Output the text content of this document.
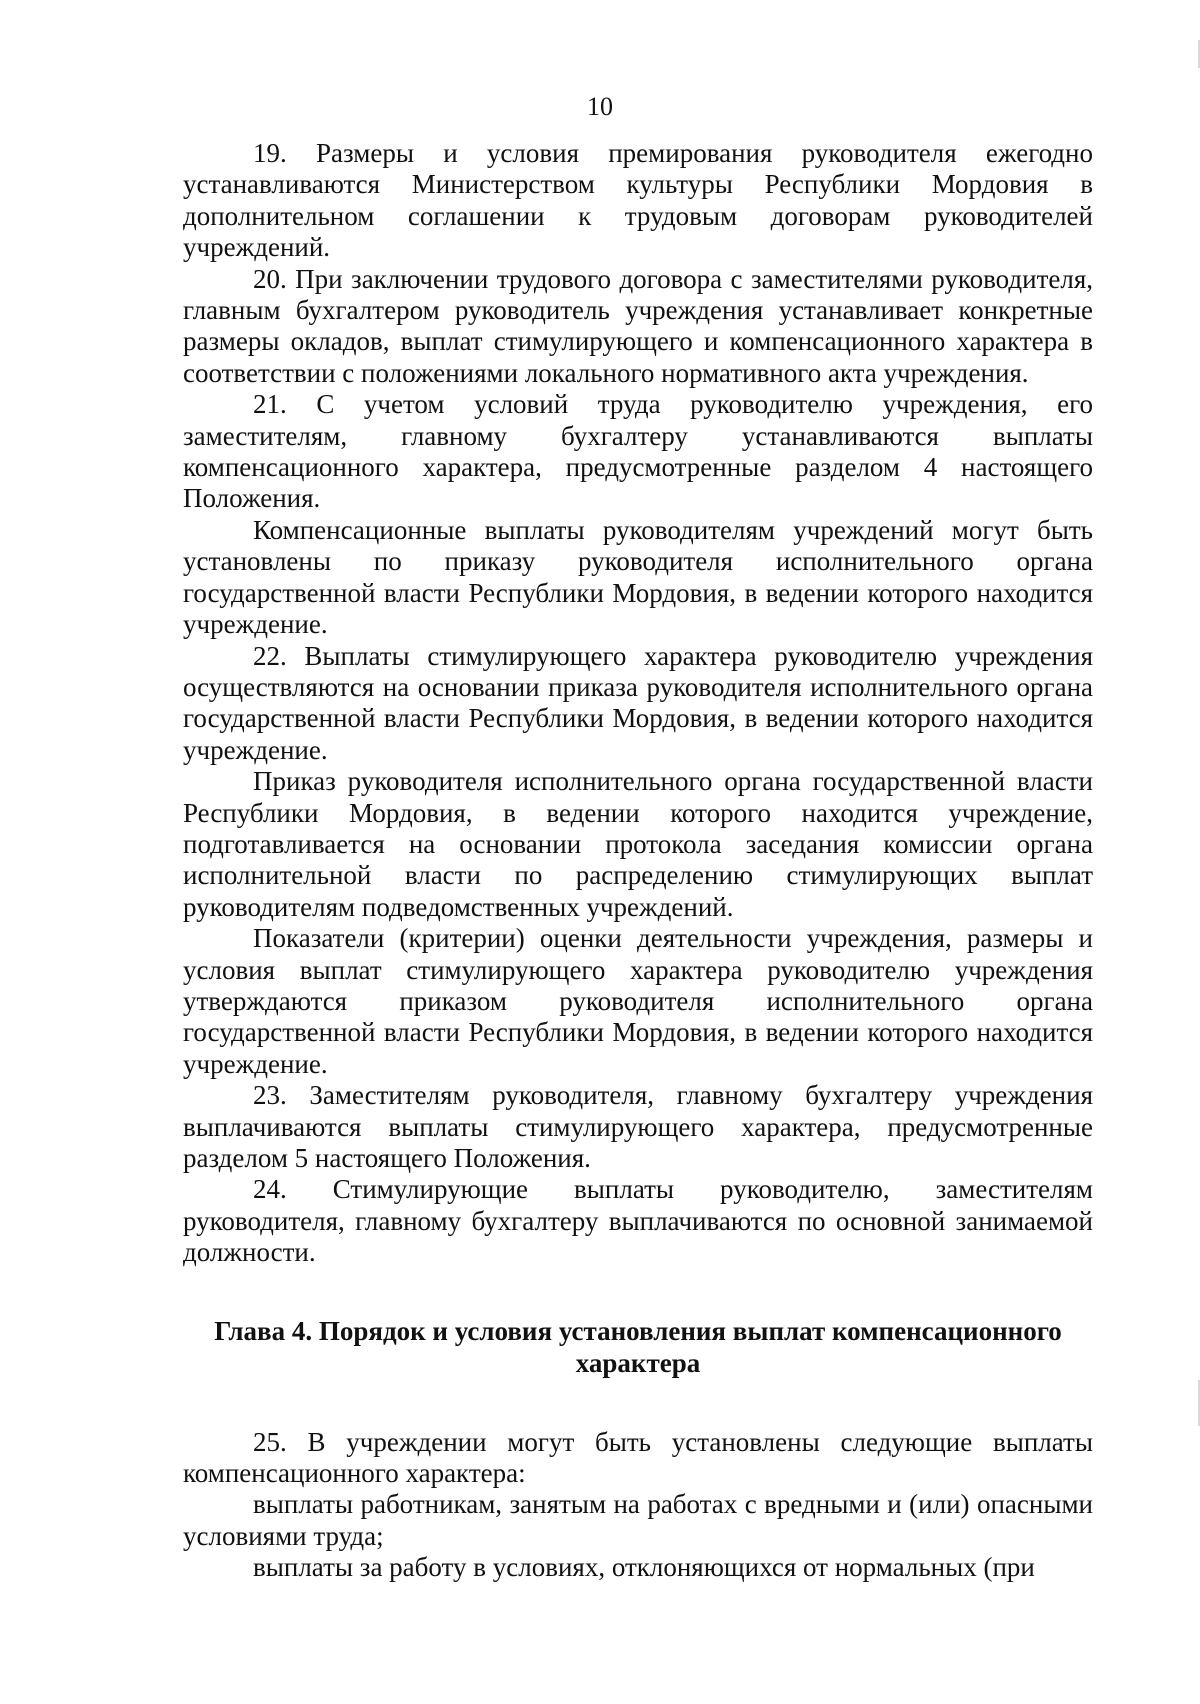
10

19. Размеры и условия премирования руководителя ежегодно устанавливаются Министерством культуры Республики Мордовия в дополнительном соглашении к трудовым договорам руководителей учреждений.

20. При заключении трудового договора с заместителями руководителя, главным бухгалтером руководитель учреждения устанавливает конкретные размеры окладов, выплат стимулирующего и компенсационного характера в соответствии с положениями локального нормативного акта учреждения.

21. С учетом условий труда руководителю учреждения, его заместителям, главному бухгалтеру устанавливаются выплаты компенсационного характера, предусмотренные разделом 4 настоящего Положения.

Компенсационные выплаты руководителям учреждений могут быть установлены по приказу руководителя исполнительного органа государственной власти Республики Мордовия, в ведении которого находится учреждение.

22. Выплаты стимулирующего характера руководителю учреждения осуществляются на основании приказа руководителя исполнительного органа государственной власти Республики Мордовия, в ведении которого находится учреждение.

Приказ руководителя исполнительного органа государственной власти Республики Мордовия, в ведении которого находится учреждение, подготавливается на основании протокола заседания комиссии органа исполнительной власти по распределению стимулирующих выплат руководителям подведомственных учреждений.

Показатели (критерии) оценки деятельности учреждения, размеры и условия выплат стимулирующего характера руководителю учреждения утверждаются приказом руководителя исполнительного органа государственной власти Республики Мордовия, в ведении которого находится учреждение.

23. Заместителям руководителя, главному бухгалтеру учреждения выплачиваются выплаты стимулирующего характера, предусмотренные разделом 5 настоящего Положения.

24. Стимулирующие выплаты руководителю, заместителям руководителя, главному бухгалтеру выплачиваются по основной занимаемой должности.

Глава 4. Порядок и условия установления выплат компенсационного характера

25. В учреждении могут быть установлены следующие выплаты компенсационного характера:

выплаты работникам, занятым на работах с вредными и (или) опасными условиями труда;

выплаты за работу в условиях, отклоняющихся от нормальных (при
